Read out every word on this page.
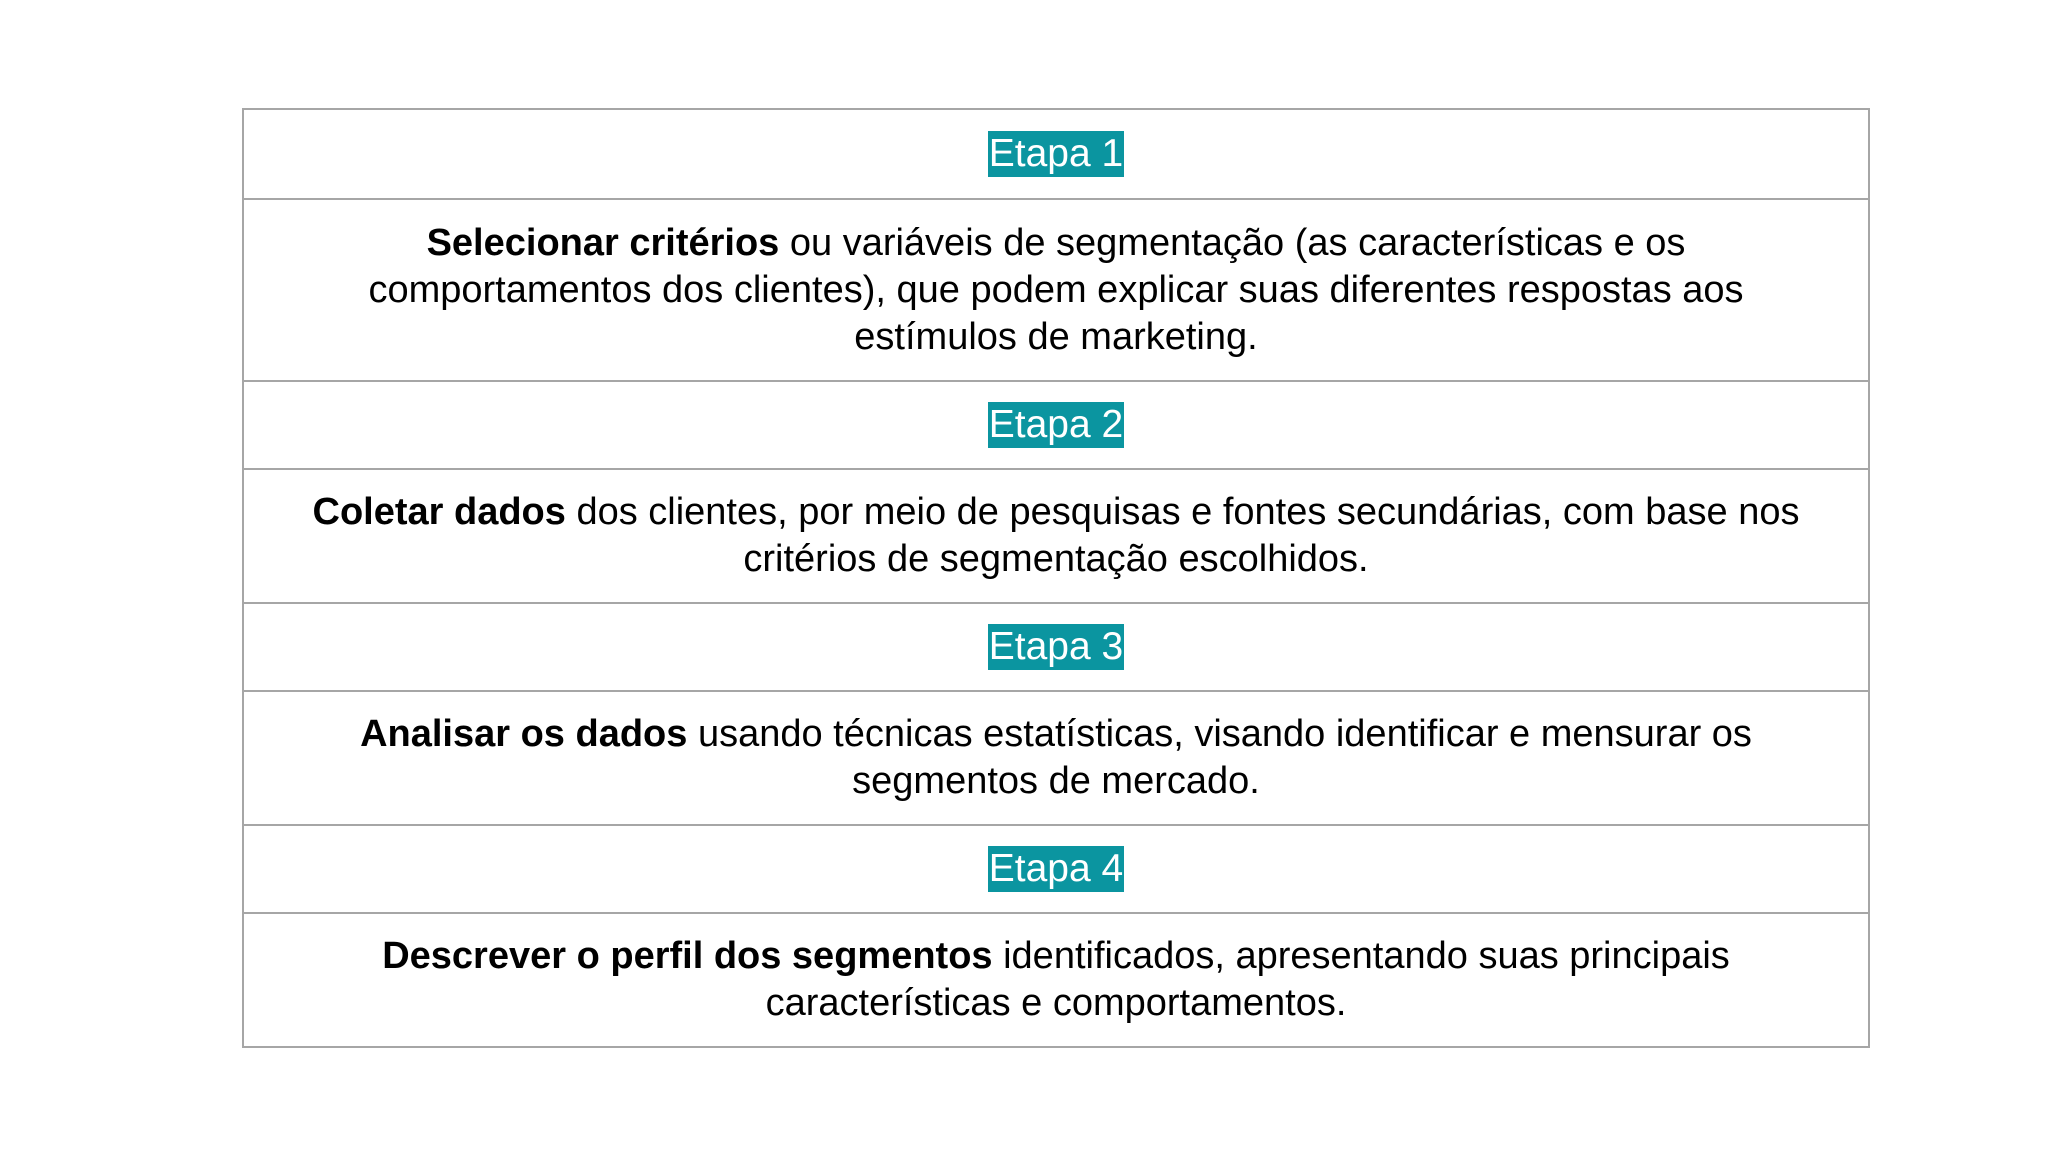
Etapa 1

Selecionar critérios ou variáveis de segmentação (as características e os comportamentos dos clientes), que podem explicar suas diferentes respostas aos estímulos de marketing.

Etapa 2

Coletar dados dos clientes, por meio de pesquisas e fontes secundárias, com base nos critérios de segmentação escolhidos.

Etapa 3

Analisar os dados usando técnicas estatísticas, visando identificar e mensurar os segmentos de mercado.

Etapa 4

Descrever o perfil dos segmentos identificados, apresentando suas principais características e comportamentos.
